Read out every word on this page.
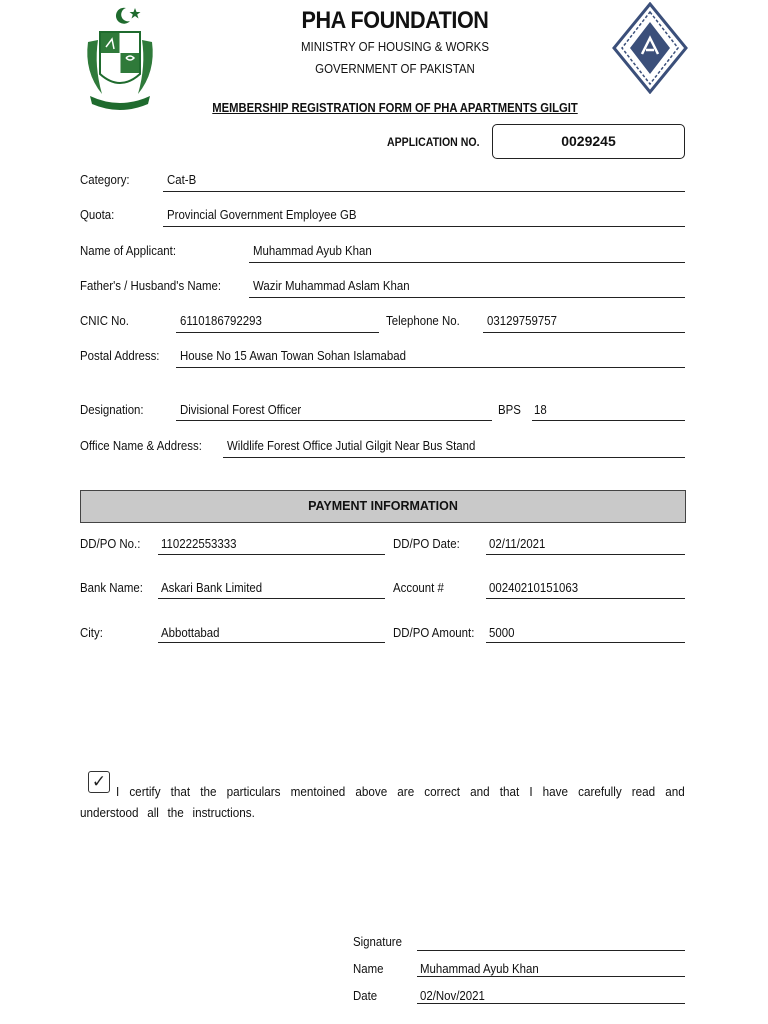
PHA FOUNDATION
MINISTRY OF HOUSING & WORKS
GOVERNMENT OF PAKISTAN
MEMBERSHIP REGISTRATION FORM OF PHA APARTMENTS GILGIT
APPLICATION NO.	0029245
Category:	Cat-B
Quota:	Provincial Government Employee GB
Name of Applicant:	Muhammad Ayub Khan
Father's / Husband's Name: Wazir Muhammad Aslam Khan
CNIC No.	6110186792293	Telephone No. 03129759757
Postal Address: House No 15 Awan Towan Sohan Islamabad
Designation:	Divisional Forest Officer	BPS 18
Office Name & Address: Wildlife Forest Office Jutial Gilgit Near Bus Stand
PAYMENT INFORMATION
DD/PO No.: 110222553333	DD/PO Date: 02/11/2021
Bank Name: Askari Bank Limited	Account #	00240210151063
City:	Abbottabad	DD/PO Amount: 5000
✓
I certify that the particulars mentoined above are correct and that I have carefully read and understood all the instructions.
Signature
Name	Muhammad Ayub Khan
Date	02/Nov/2021
